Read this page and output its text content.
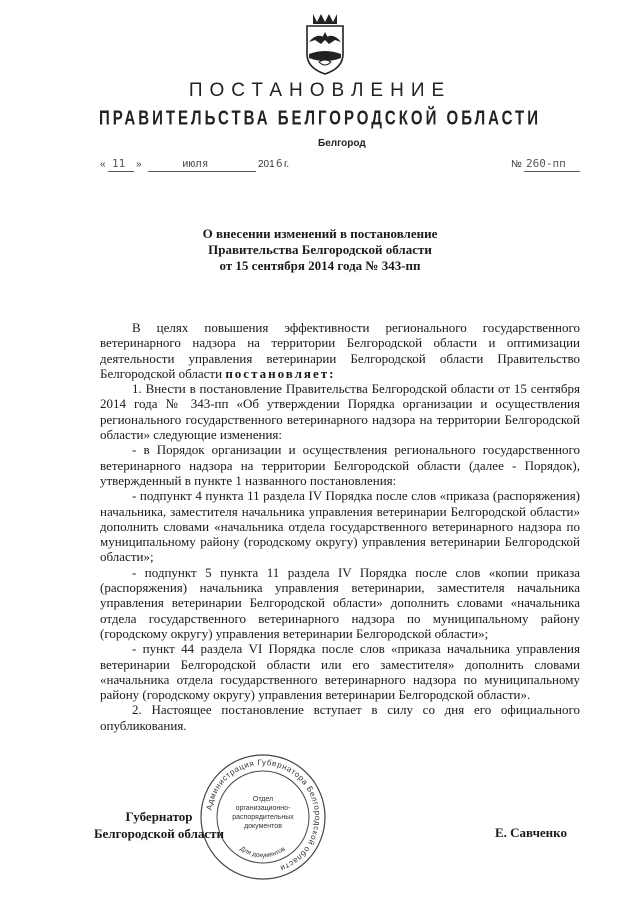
ПОСТАНОВЛЕНИЕ
ПРАВИТЕЛЬСТВА БЕЛГОРОДСКОЙ ОБЛАСТИ
Белгород
« 11 »	июля	201 6 г.	№ 260-пп
О внесении изменений в постановление
Правительства Белгородской области
от 15 сентября 2014 года № 343-пп

В целях повышения эффективности регионального государственного ветеринарного надзора на территории Белгородской области и оптимизации деятельности управления ветеринарии Белгородской области Правительство Белгородской области постановляет:

1. Внести в постановление Правительства Белгородской области от 15 сентября 2014 года № 343-пп «Об утверждении Порядка организации и осуществления регионального государственного ветеринарного надзора на территории Белгородской области» следующие изменения:

- в Порядок организации и осуществления регионального государственного ветеринарного надзора на территории Белгородской области (далее - Порядок), утвержденный в пункте 1 названного постановления:

- подпункт 4 пункта 11 раздела IV Порядка после слов «приказа (распоряжения) начальника, заместителя начальника управления ветеринарии Белгородской области» дополнить словами «начальника отдела государственного ветеринарного надзора по муниципальному району (городскому округу) управления ветеринарии Белгородской области»;

- подпункт 5 пункта 11 раздела IV Порядка после слов «копии приказа (распоряжения) начальника управления ветеринарии, заместителя начальника управления ветеринарии Белгородской области» дополнить словами «начальника отдела государственного ветеринарного надзора по муниципальному району (городскому округу) управления ветеринарии Белгородской области»;

- пункт 44 раздела VI Порядка после слов «приказа начальника управления ветеринарии Белгородской области или его заместителя» дополнить словами «начальника отдела государственного ветеринарного надзора по муниципальному району (городскому округу) управления ветеринарии Белгородской области».

2. Настоящее постановление вступает в силу со дня его официального опубликования.

Администрация Губернатора Белгородской области
Для документов
Отдел
организационно-
распорядительных
документов
Губернатор
Белгородской области	Е. Савченко
